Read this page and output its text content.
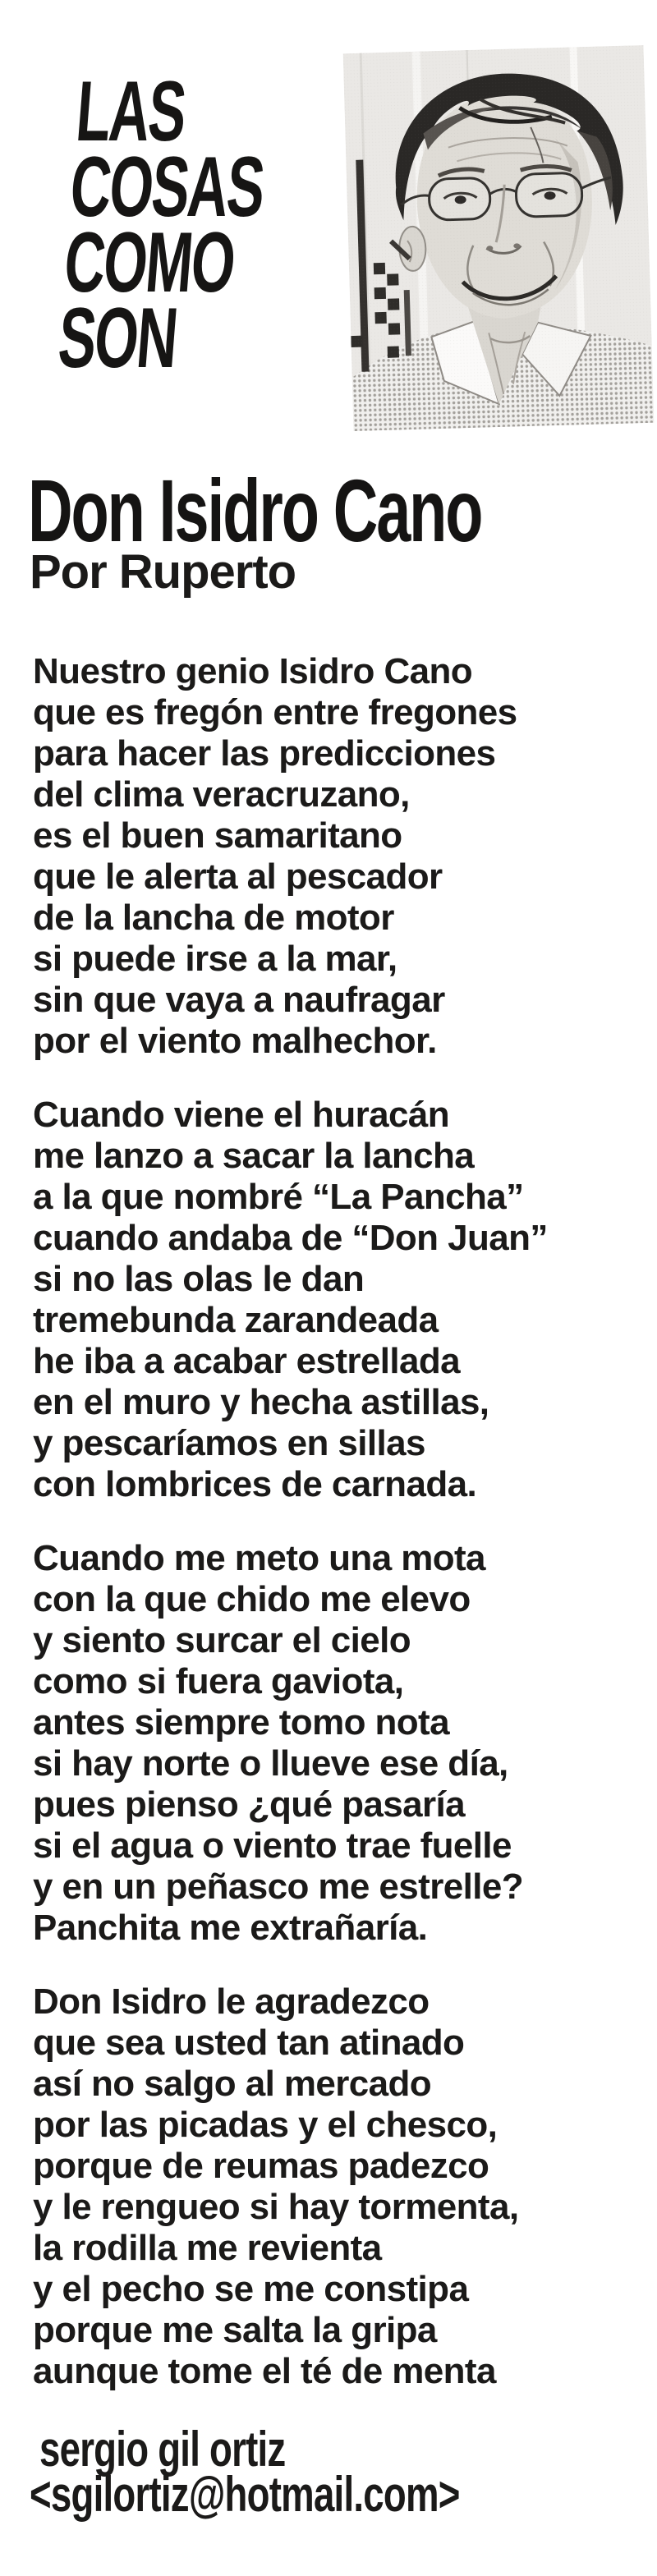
LAS
COSAS
COMO
SON
Don Isidro Cano
Por Ruperto
Nuestro genio Isidro Cano
que es fregón entre fregones
para hacer las predicciones
del clima veracruzano,
es el buen samaritano
que le alerta al pescador
de la lancha de motor
si puede irse a la mar,
sin que vaya a naufragar
por el viento malhechor.
Cuando viene el huracán
me lanzo a sacar la lancha
a la que nombré “La Pancha”
cuando andaba de “Don Juan”
si no las olas le dan
tremebunda zarandeada
he iba a acabar estrellada
en el muro y hecha astillas,
y pescaríamos en sillas
con lombrices de carnada.
Cuando me meto una mota
con la que chido me elevo
y siento surcar el cielo
como si fuera gaviota,
antes siempre tomo nota
si hay norte o llueve ese día,
pues pienso ¿qué pasaría
si el agua o viento trae fuelle
y en un peñasco me estrelle?
Panchita me extrañaría.
Don Isidro le agradezco
que sea usted tan atinado
así no salgo al mercado
por las picadas y el chesco,
porque de reumas padezco
y le rengueo si hay tormenta,
la rodilla me revienta
y el pecho se me constipa
porque me salta la gripa
aunque tome el té de menta
sergio gil ortiz
<sgilortiz@hotmail.com>
